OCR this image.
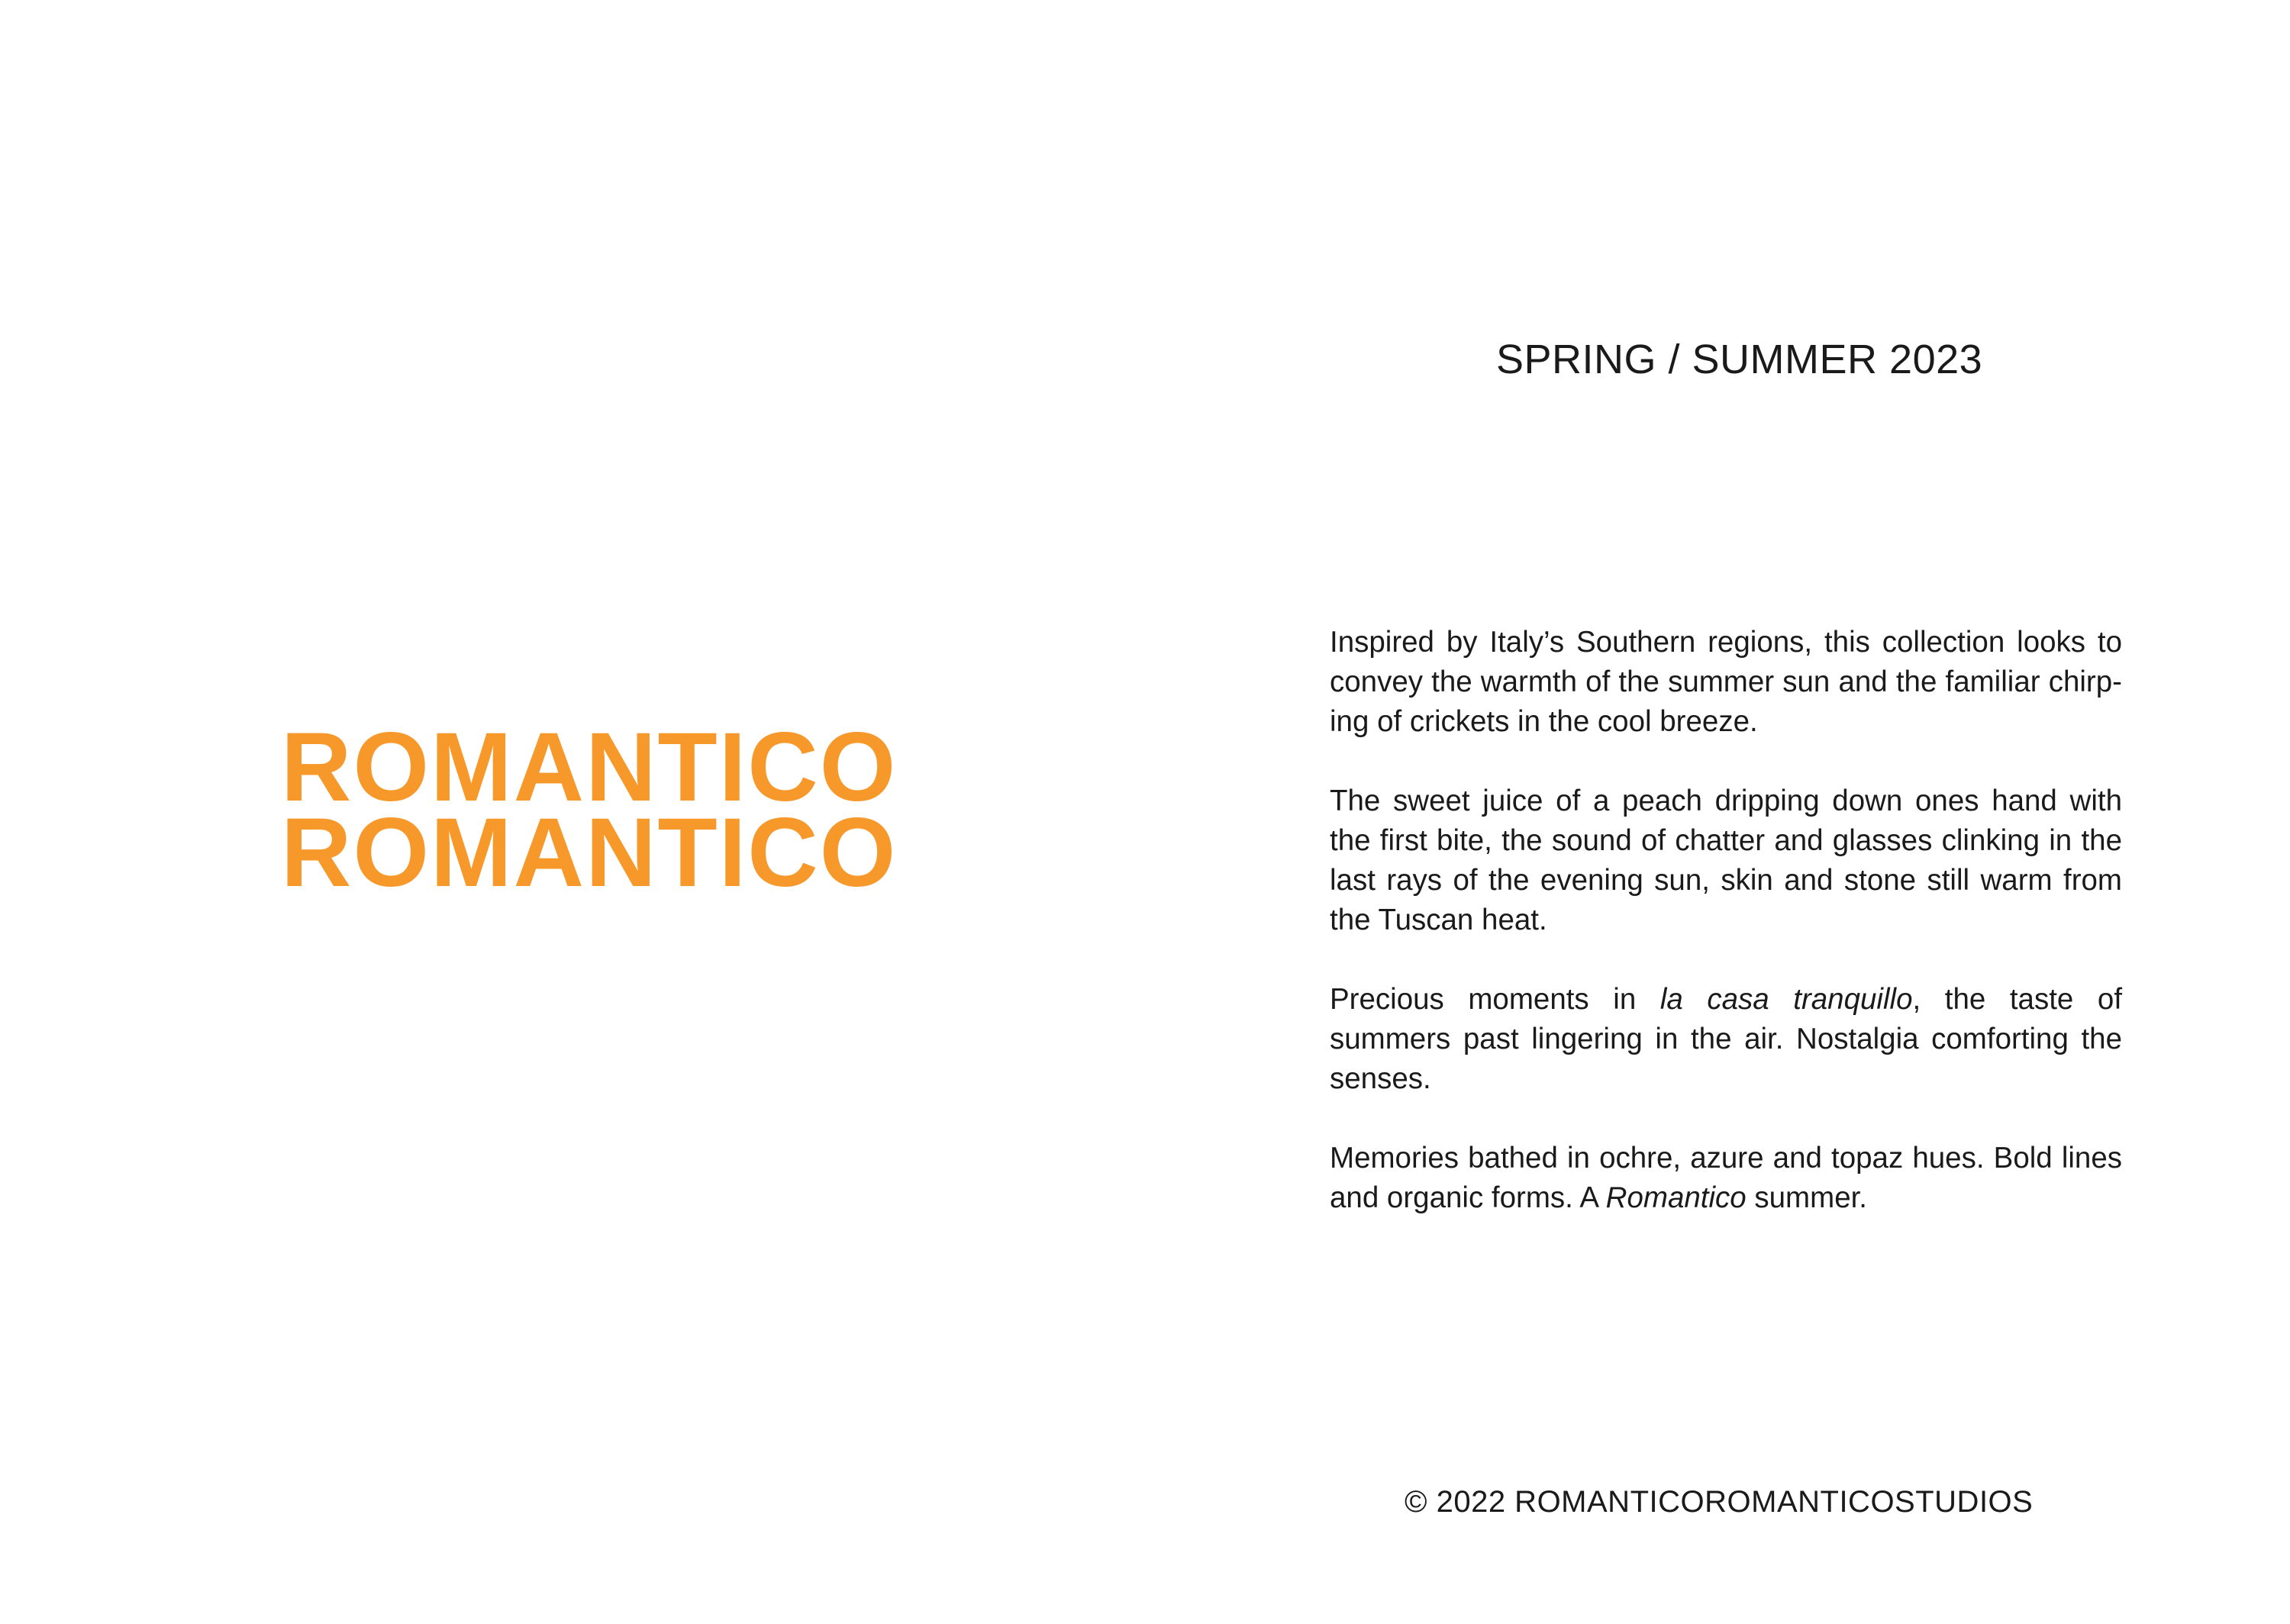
ROMANTICO
ROMANTICO
SPRING / SUMMER 2023

Inspired by Italy’s Southern regions, this collection looks to convey the warmth of the summer sun and the familiar chirp-ing of crickets in the cool breeze.

The sweet juice of a peach dripping down ones hand with the first bite, the sound of chatter and glasses clinking in the last rays of the evening sun, skin and stone still warm from the Tuscan heat.

Precious moments in la casa tranquillo, the taste of summers past lingering in the air. Nostalgia comforting the senses.

Memories bathed in ochre, azure and topaz hues. Bold lines and organic forms. A Romantico summer.

© 2022 ROMANTICOROMANTICOSTUDIOS
